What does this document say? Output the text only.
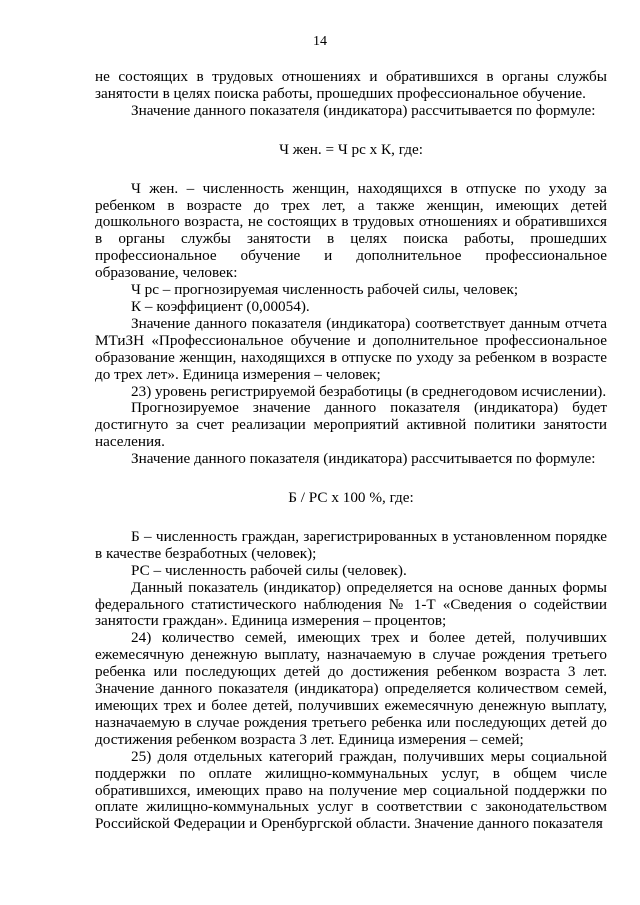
14

не состоящих в трудовых отношениях и обратившихся в органы службы занятости в целях поиска работы, прошедших профессиональное обучение.

Значение данного показателя (индикатора) рассчитывается по формуле:

Ч жен. = Ч рс х К, где:

Ч жен. – численность женщин, находящихся в отпуске по уходу за ребенком в возрасте до трех лет, а также женщин, имеющих детей дошкольного возраста, не состоящих в трудовых отношениях и обратившихся в органы службы занятости в целях поиска работы, прошедших профессиональное обучение и дополнительное профессиональное образование, человек:

Ч рс – прогнозируемая численность рабочей силы, человек;

К – коэффициент (0,00054).

Значение данного показателя (индикатора) соответствует данным отчета МТиЗН «Профессиональное обучение и дополнительное профессиональное образование женщин, находящихся в отпуске по уходу за ребенком в возрасте до трех лет». Единица измерения – человек;

23) уровень регистрируемой безработицы (в среднегодовом исчислении).

Прогнозируемое значение данного показателя (индикатора) будет достигнуто за счет реализации мероприятий активной политики занятости населения.

Значение данного показателя (индикатора) рассчитывается по формуле:

Б / РС х 100 %, где:

Б – численность граждан, зарегистрированных в установленном порядке в качестве безработных (человек);

РС – численность рабочей силы (человек).

Данный показатель (индикатор) определяется на основе данных формы федерального статистического наблюдения № 1-Т «Сведения о содействии занятости граждан». Единица измерения – процентов;

24) количество семей, имеющих трех и более детей, получивших ежемесячную денежную выплату, назначаемую в случае рождения третьего ребенка или последующих детей до достижения ребенком возраста 3 лет. Значение данного показателя (индикатора) определяется количеством семей, имеющих трех и более детей, получивших ежемесячную денежную выплату, назначаемую в случае рождения третьего ребенка или последующих детей до достижения ребенком возраста 3 лет. Единица измерения – семей;

25) доля отдельных категорий граждан, получивших меры социальной поддержки по оплате жилищно-коммунальных услуг, в общем числе обратившихся, имеющих право на получение мер социальной поддержки по оплате жилищно-коммунальных услуг в соответствии с законодательством Российской Федерации и Оренбургской области. Значение данного показателя
